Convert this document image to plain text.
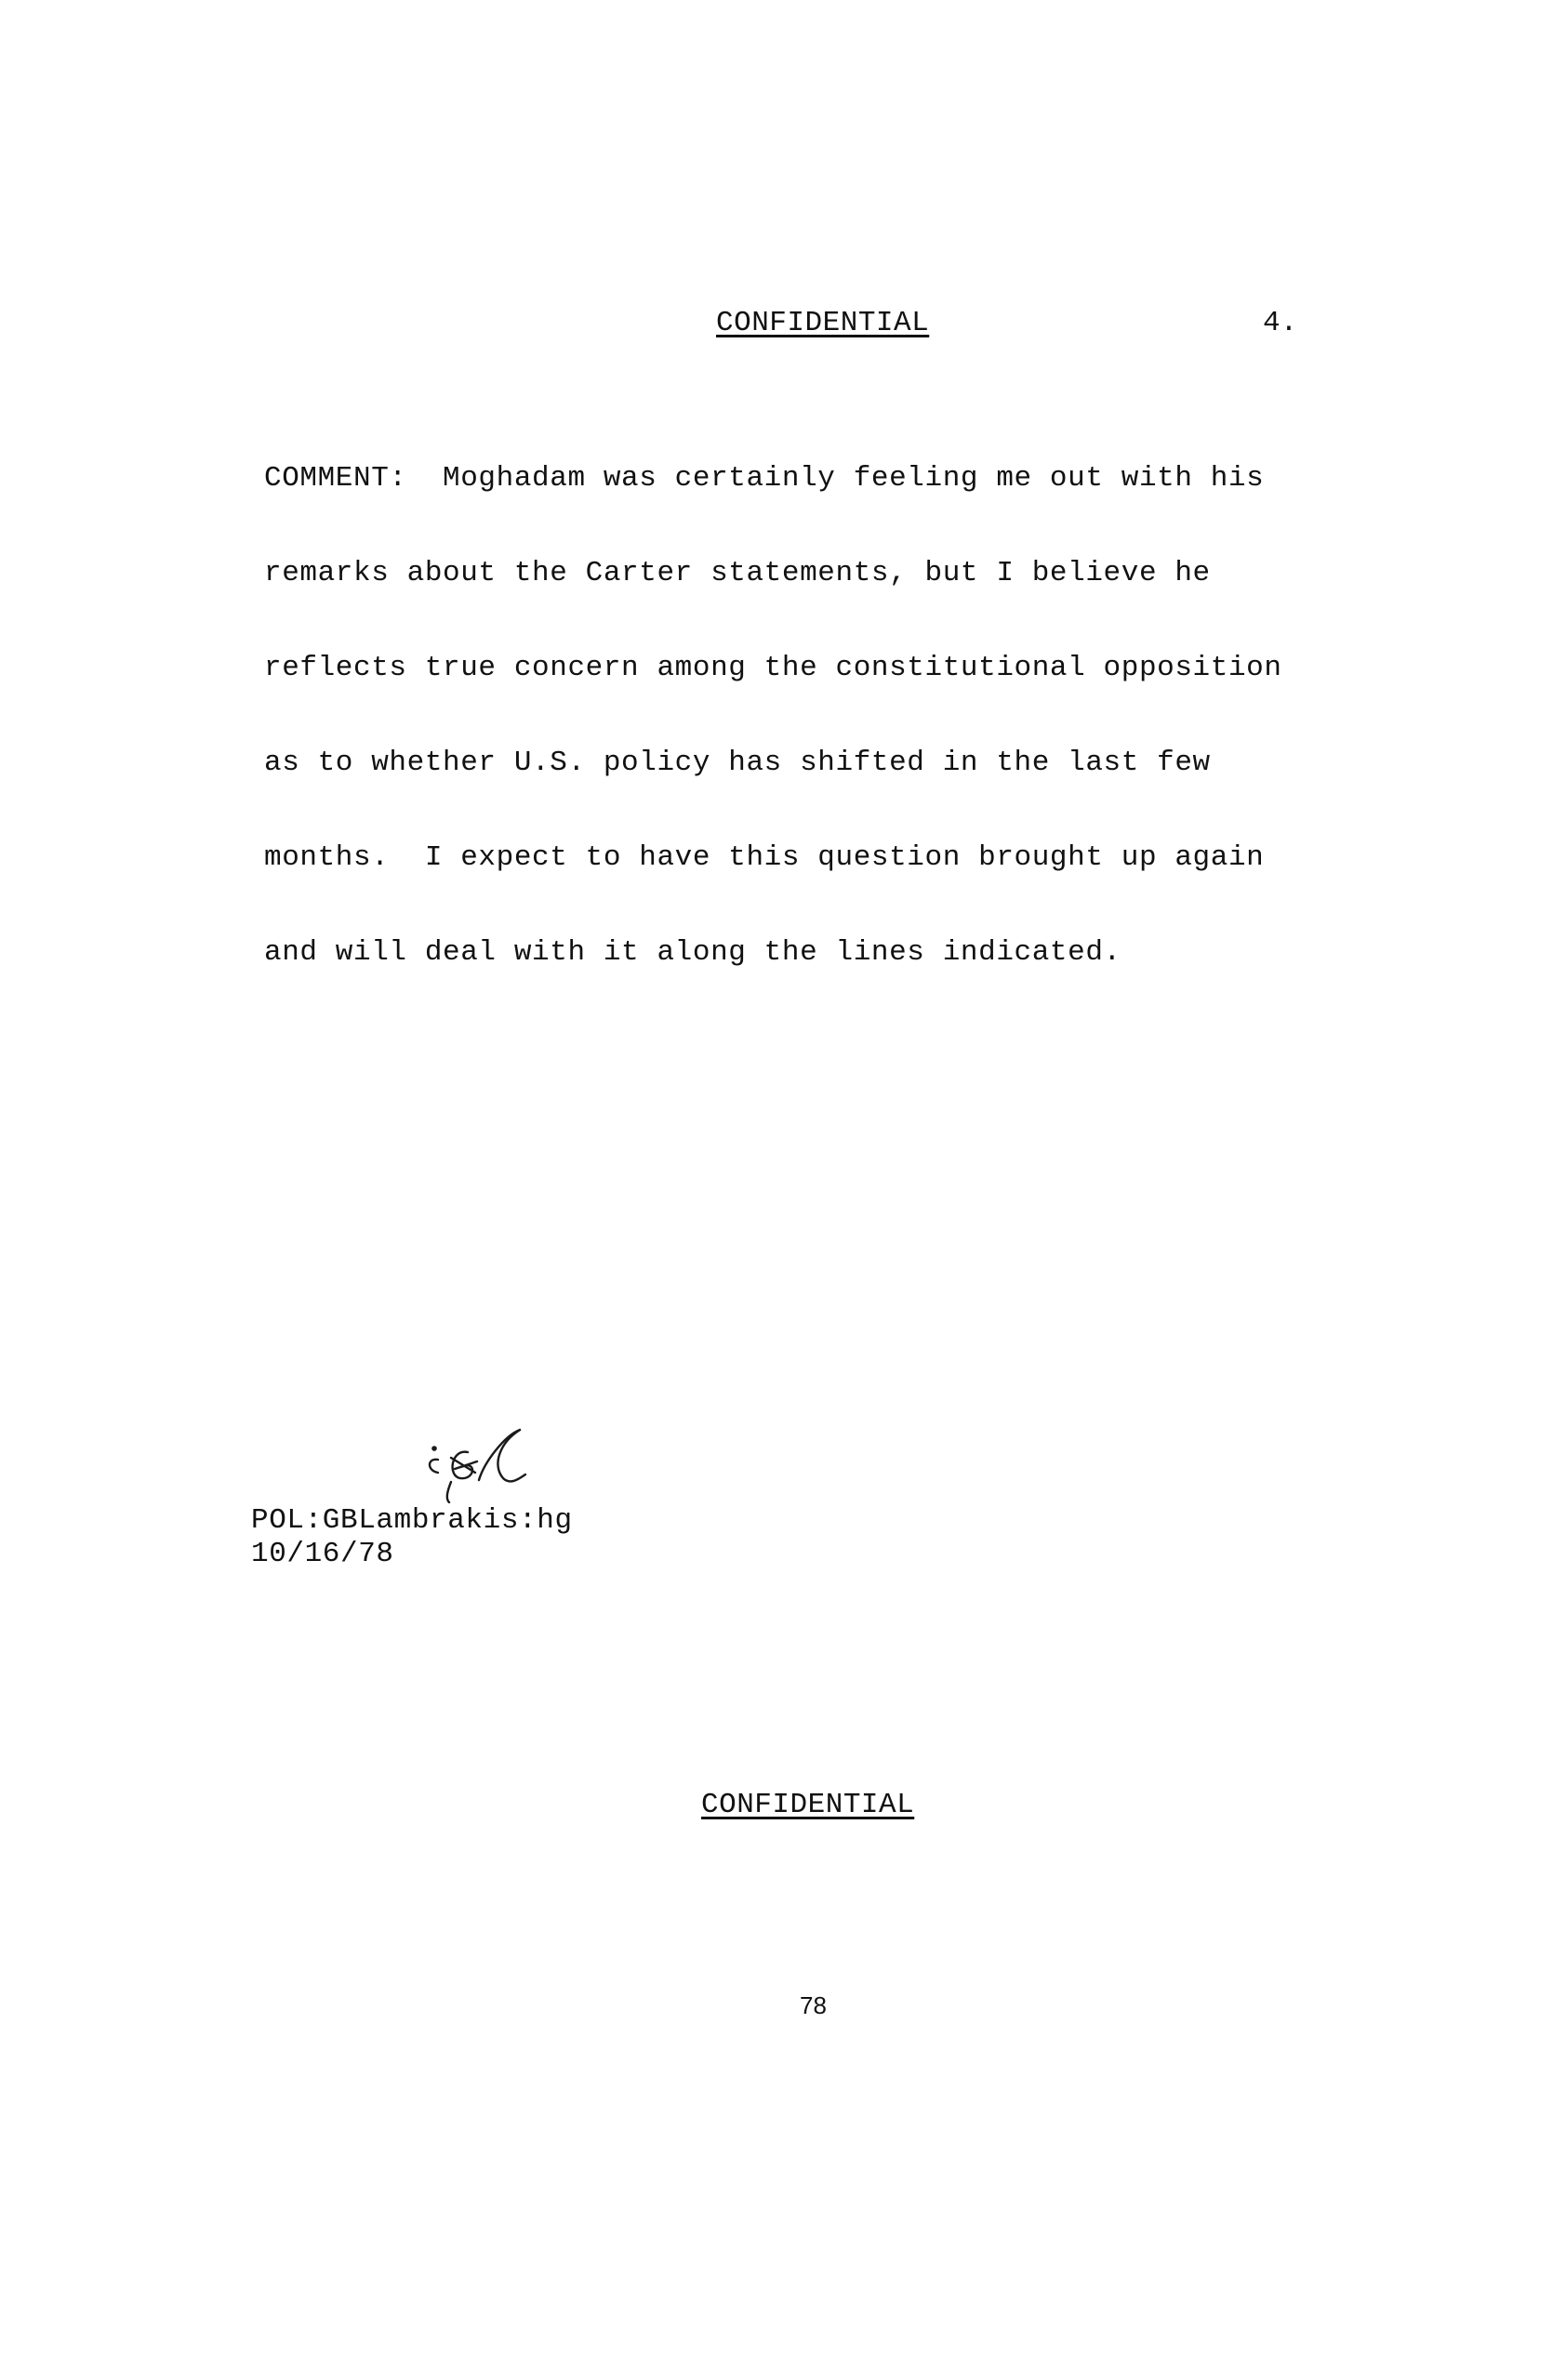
CONFIDENTIAL	4.

COMMENT:  Moghadam was certainly feeling me out with his

remarks about the Carter statements, but I believe he

reflects true concern among the constitutional opposition

as to whether U.S. policy has shifted in the last few

months.  I expect to have this question brought up again

and will deal with it along the lines indicated.

POL:GBLambrakis:hg
10/16/78
CONFIDENTIAL
78
